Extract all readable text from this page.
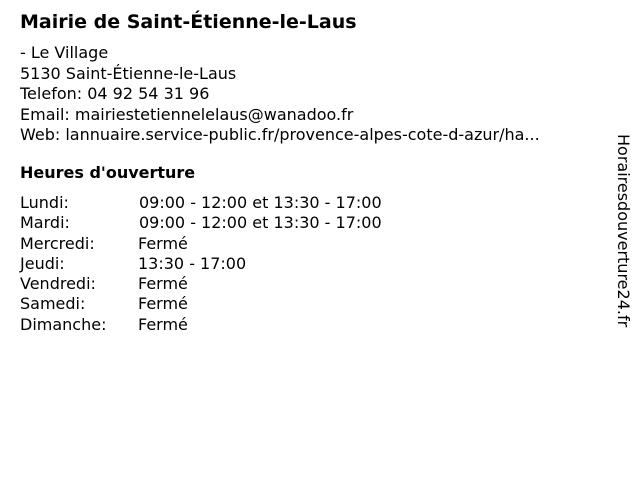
Mairie de Saint-Étienne-le-Laus
- Le Village
5130 Saint-Étienne-le-Laus
Telefon: 04 92 54 31 96
Email: mairiestetiennelelaus@wanadoo.fr
Web: lannuaire.service-public.fr/provence-alpes-cote-d-azur/ha...
Heures d'ouverture
Lundi:	09:00 - 12:00 et 13:30 - 17:00
Mardi:	09:00 - 12:00 et 13:30 - 17:00
Mercredi:	Fermé
Jeudi:	13:30 - 17:00
Vendredi:	Fermé
Samedi:	Fermé
Dimanche: Fermé	Horairesdouverture24.fr
